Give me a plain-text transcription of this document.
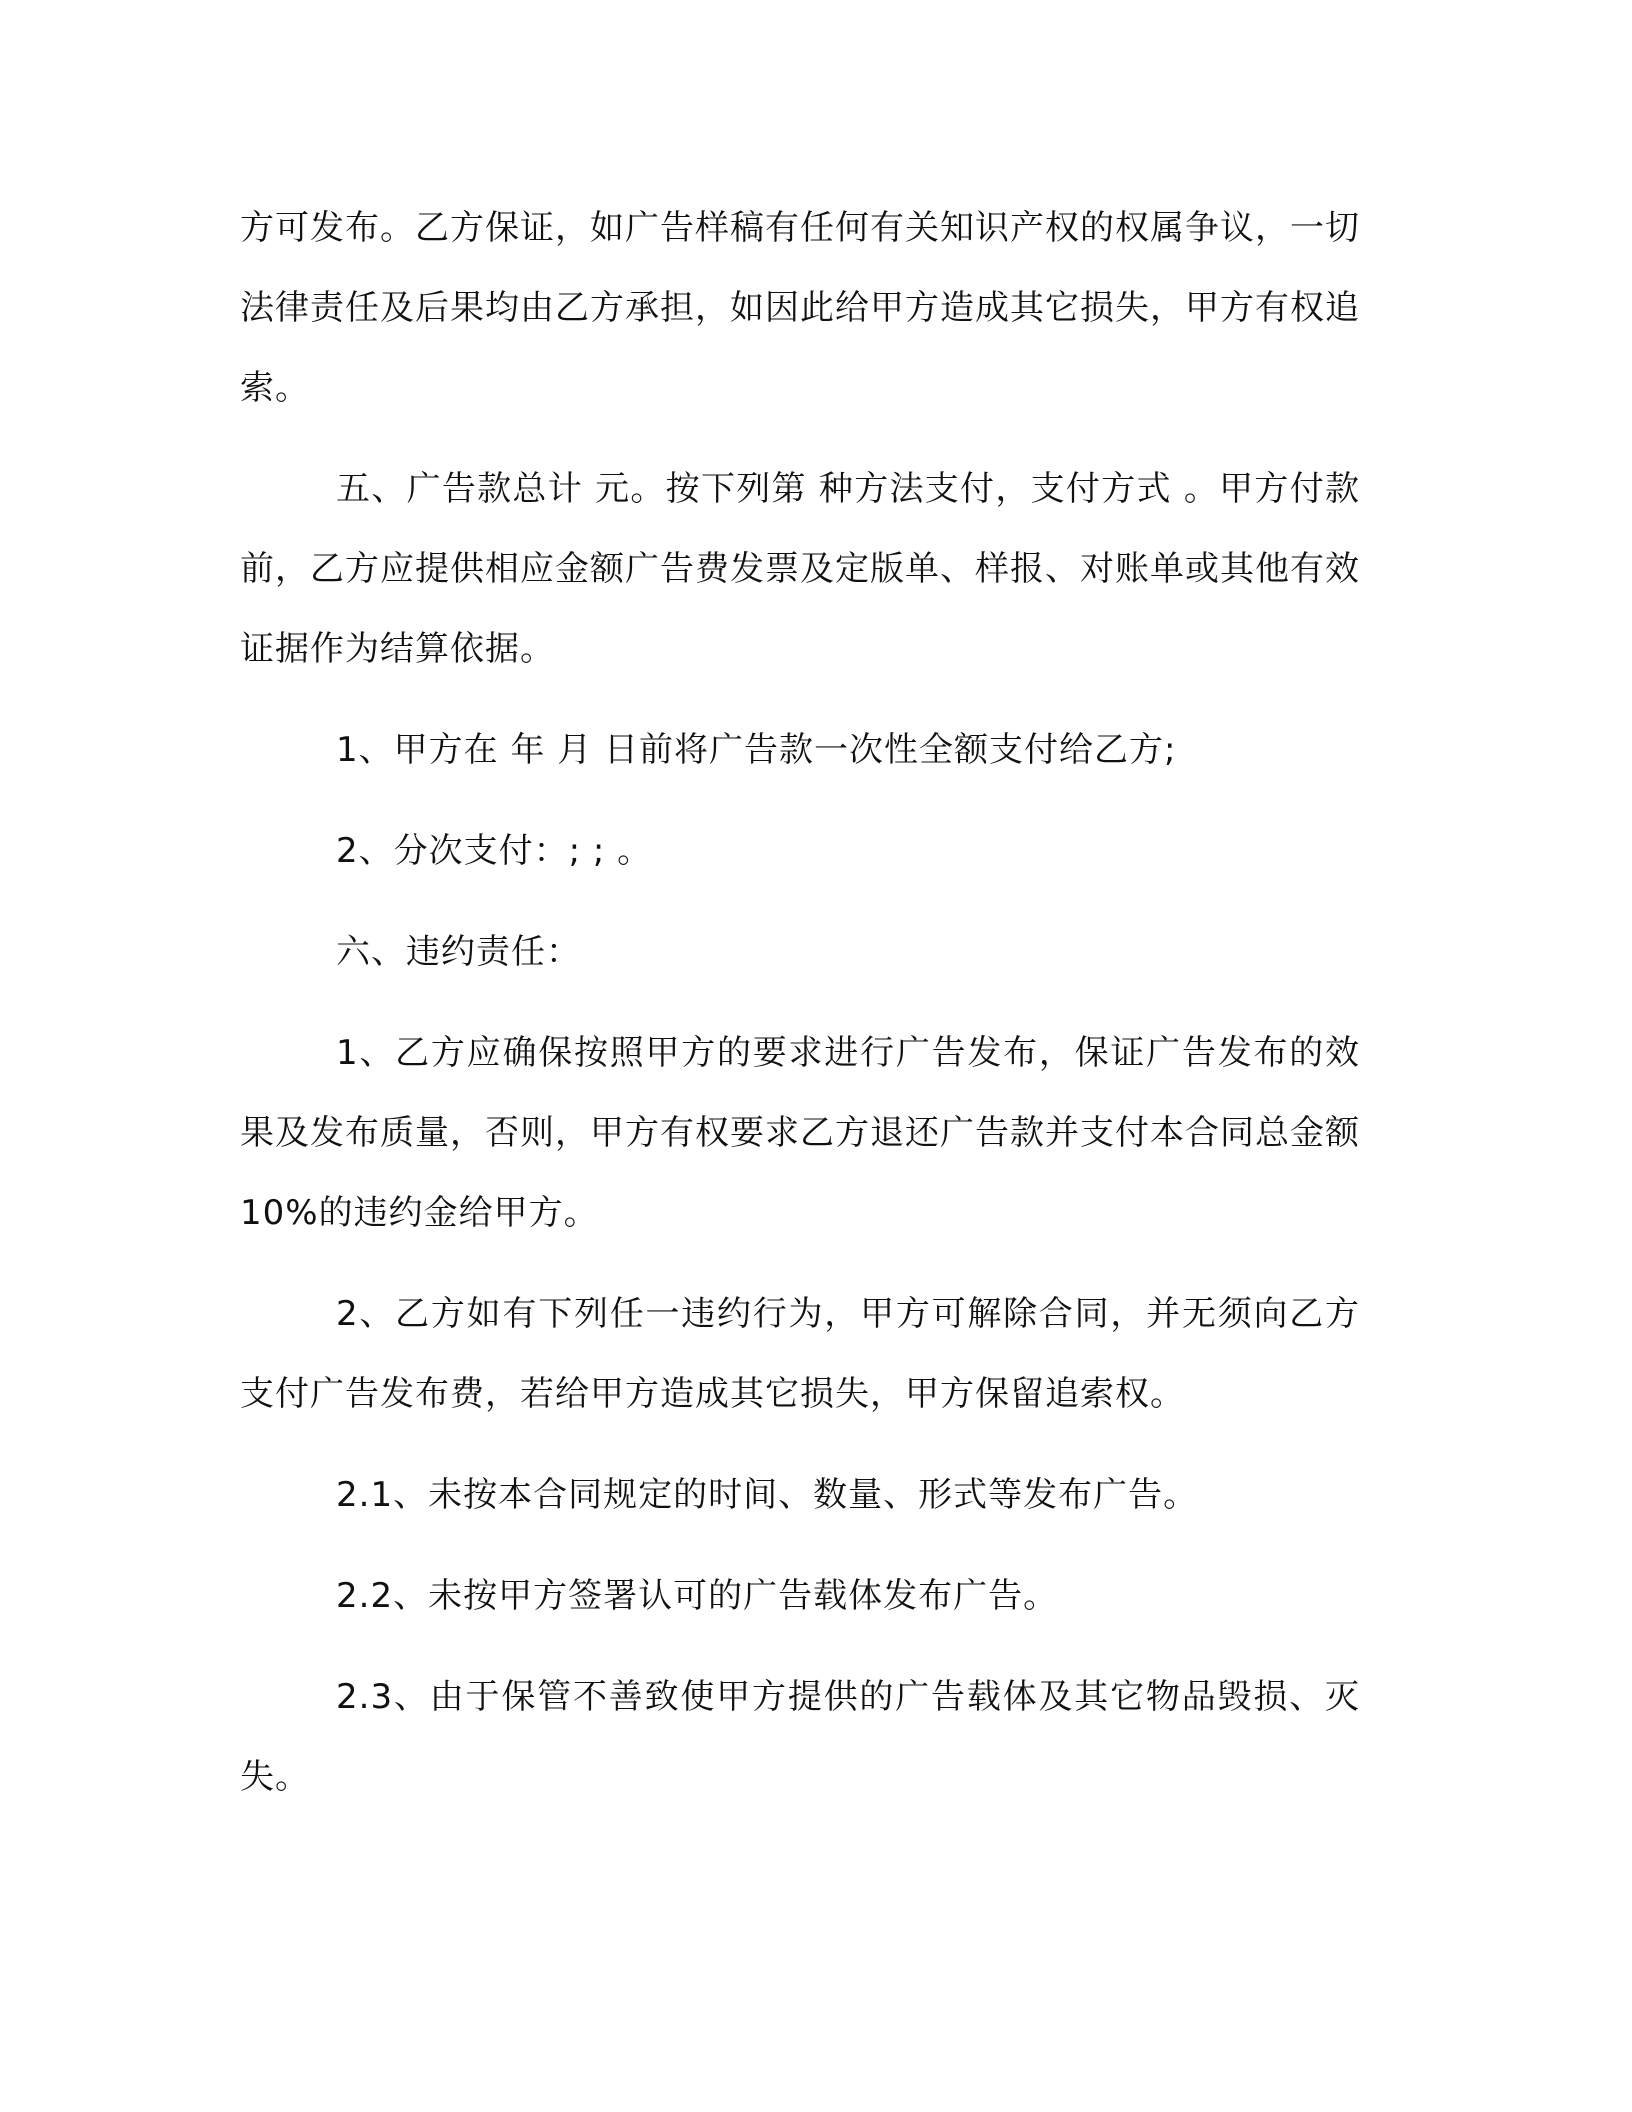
方可发布。乙方保证，如广告样稿有任何有关知识产权的权属争议，一切法律责任及后果均由乙方承担，如因此给甲方造成其它损失，甲方有权追索。

五、广告款总计 元。按下列第 种方法支付，支付方式 。甲方付款前，乙方应提供相应金额广告费发票及定版单、样报、对账单或其他有效证据作为结算依据。

1、甲方在 年 月 日前将广告款一次性全额支付给乙方;

2、分次支付：; ; 。

六、违约责任：

1、乙方应确保按照甲方的要求进行广告发布，保证广告发布的效果及发布质量，否则，甲方有权要求乙方退还广告款并支付本合同总金额 10%的违约金给甲方。

2、乙方如有下列任一违约行为，甲方可解除合同，并无须向乙方支付广告发布费，若给甲方造成其它损失，甲方保留追索权。

2.1、未按本合同规定的时间、数量、形式等发布广告。

2.2、未按甲方签署认可的广告载体发布广告。

2.3、由于保管不善致使甲方提供的广告载体及其它物品毁损、灭失。
